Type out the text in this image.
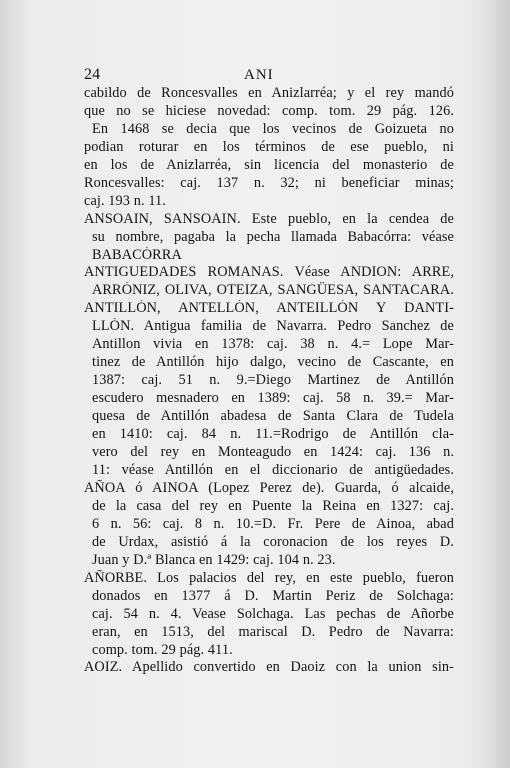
24	ANI
cabildo de Roncesvalles en Anizlarréa; y el rey mandó
que no se hiciese novedad: comp. tom. 29 pág. 126.
En 1468 se decia que los vecinos de Goizueta no
podian roturar en los términos de ese pueblo, ni
en los de Anizlarréa, sin licencia del monasterio de
Roncesvalles: caj. 137 n. 32; ni beneficiar minas;
caj. 193 n. 11.
ANSOAIN, SANSOAIN. Este pueblo, en la cendea de
su nombre, pagaba la pecha llamada Babacórra: véase
BABACÓRRA
ANTIGUEDADES ROMANAS. Véase ANDION: ARRE,
ARRÓNIZ, OLIVA, OTEIZA, SANGÜESA, SANTACARA.
ANTILLÓN, ANTELLÓN, ANTEILLÓN Y DANTI-
LLÓN. Antigua familia de Navarra. Pedro Sanchez de
Antillon vivia en 1378: caj. 38 n. 4.= Lope Mar-
tinez de Antillón hijo dalgo, vecino de Cascante, en
1387: caj. 51 n. 9.=Diego Martinez de Antillón
escudero mesnadero en 1389: caj. 58 n. 39.= Mar-
quesa de Antillón abadesa de Santa Clara de Tudela
en 1410: caj. 84 n. 11.=Rodrigo de Antillón cla-
vero del rey en Monteagudo en 1424: caj. 136 n.
11: véase Antillón en el diccionario de antigüedades.
AÑOA ó AINOA (Lopez Perez de). Guarda, ó alcaide,
de la casa del rey en Puente la Reina en 1327: caj.
6 n. 56: caj. 8 n. 10.=D. Fr. Pere de Ainoa, abad
de Urdax, asistió á la coronacion de los reyes D.
Juan y D.ª Blanca en 1429: caj. 104 n. 23.
AÑORBE. Los palacios del rey, en este pueblo, fueron
donados en 1377 á D. Martin Periz de Solchaga:
caj. 54 n. 4. Vease Solchaga. Las pechas de Añorbe
eran, en 1513, del mariscal D. Pedro de Navarra:
comp. tom. 29 pág. 411.
AOIZ. Apellido convertido en Daoiz con la union sin-
